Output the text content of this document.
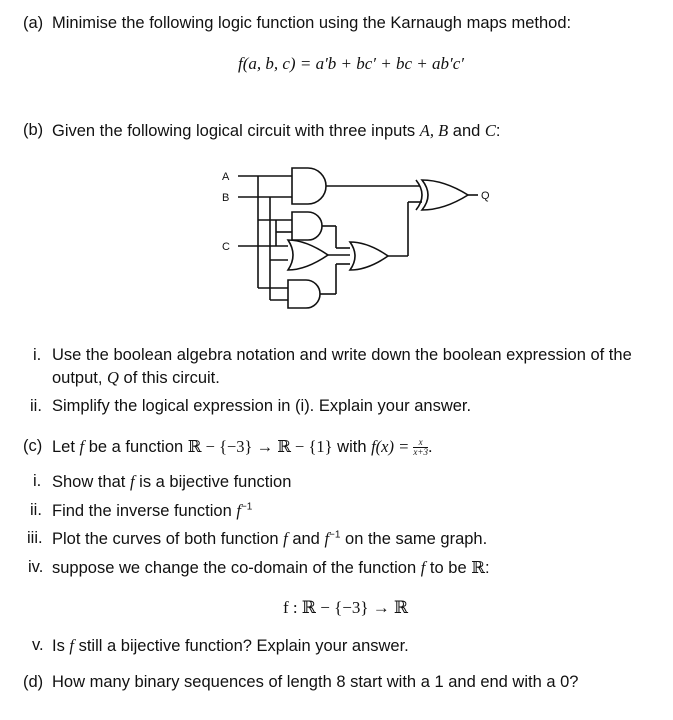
(a) Minimise the following logic function using the Karnaugh maps method:
f(a, b, c) = a′b + bc′ + bc + ab′c′
(b) Given the following logical circuit with three inputs A, B and C:
A
B
C
Q
i. Use the boolean algebra notation and write down the boolean expression of the
output, Q of this circuit.
ii. Simplify the logical expression in (i). Explain your answer.
(c) Let f be a function ℝ − {−3} → ℝ − {1} with $f(x) = \frac{x}{x+3}$ .
i. Show that f is a bijective function
ii. Find the inverse function $f^{-1}$
iii. Plot the curves of both function f and $f^{-1}$ on the same graph.
iv. suppose we change the co-domain of the function f to be ℝ:
f : ℝ − {−3} → ℝ
v. Is f still a bijective function? Explain your answer.
(d) How many binary sequences of length 8 start with a 1 and end with a 0?
